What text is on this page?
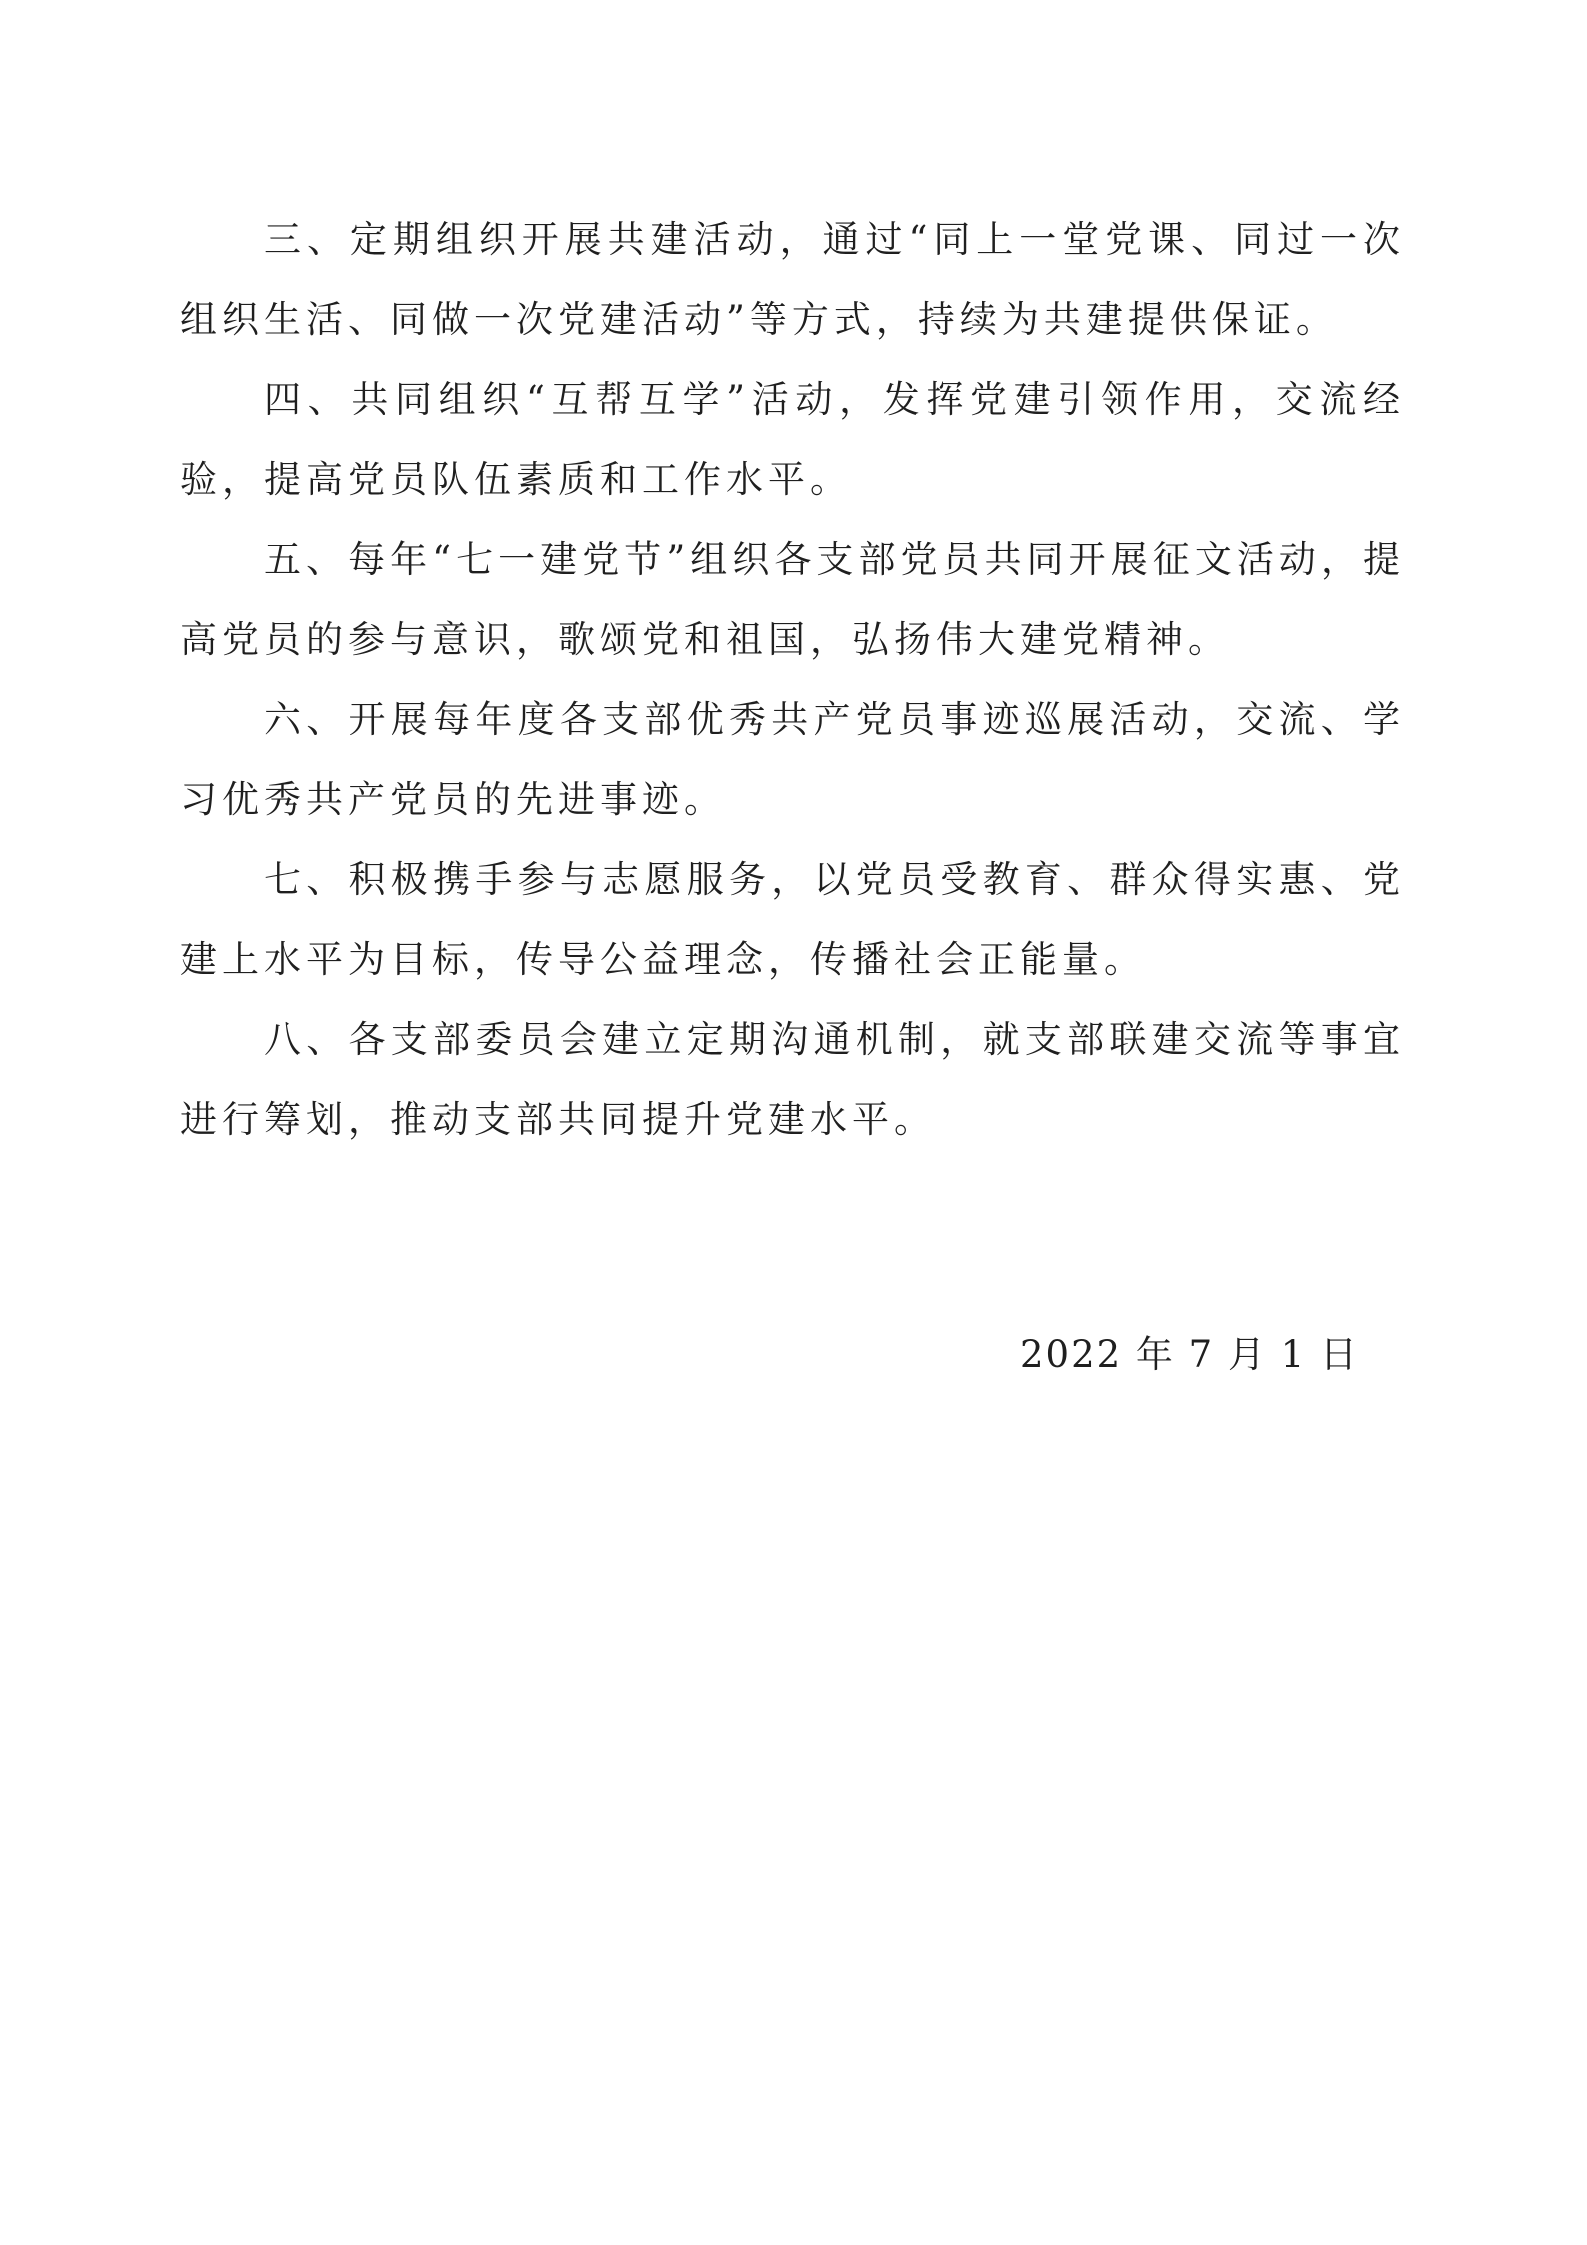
三、定期组织开展共建活动，通过“同上一堂党课、同过一次组织生活、同做一次党建活动”等方式，持续为共建提供保证。

四、共同组织“互帮互学”活动，发挥党建引领作用，交流经验，提高党员队伍素质和工作水平。

五、每年“七一建党节”组织各支部党员共同开展征文活动，提高党员的参与意识，歌颂党和祖国，弘扬伟大建党精神。

六、开展每年度各支部优秀共产党员事迹巡展活动，交流、学习优秀共产党员的先进事迹。

七、积极携手参与志愿服务，以党员受教育、群众得实惠、党建上水平为目标，传导公益理念，传播社会正能量。

八、各支部委员会建立定期沟通机制，就支部联建交流等事宜进行筹划，推动支部共同提升党建水平。

2022 年 7 月 1 日
